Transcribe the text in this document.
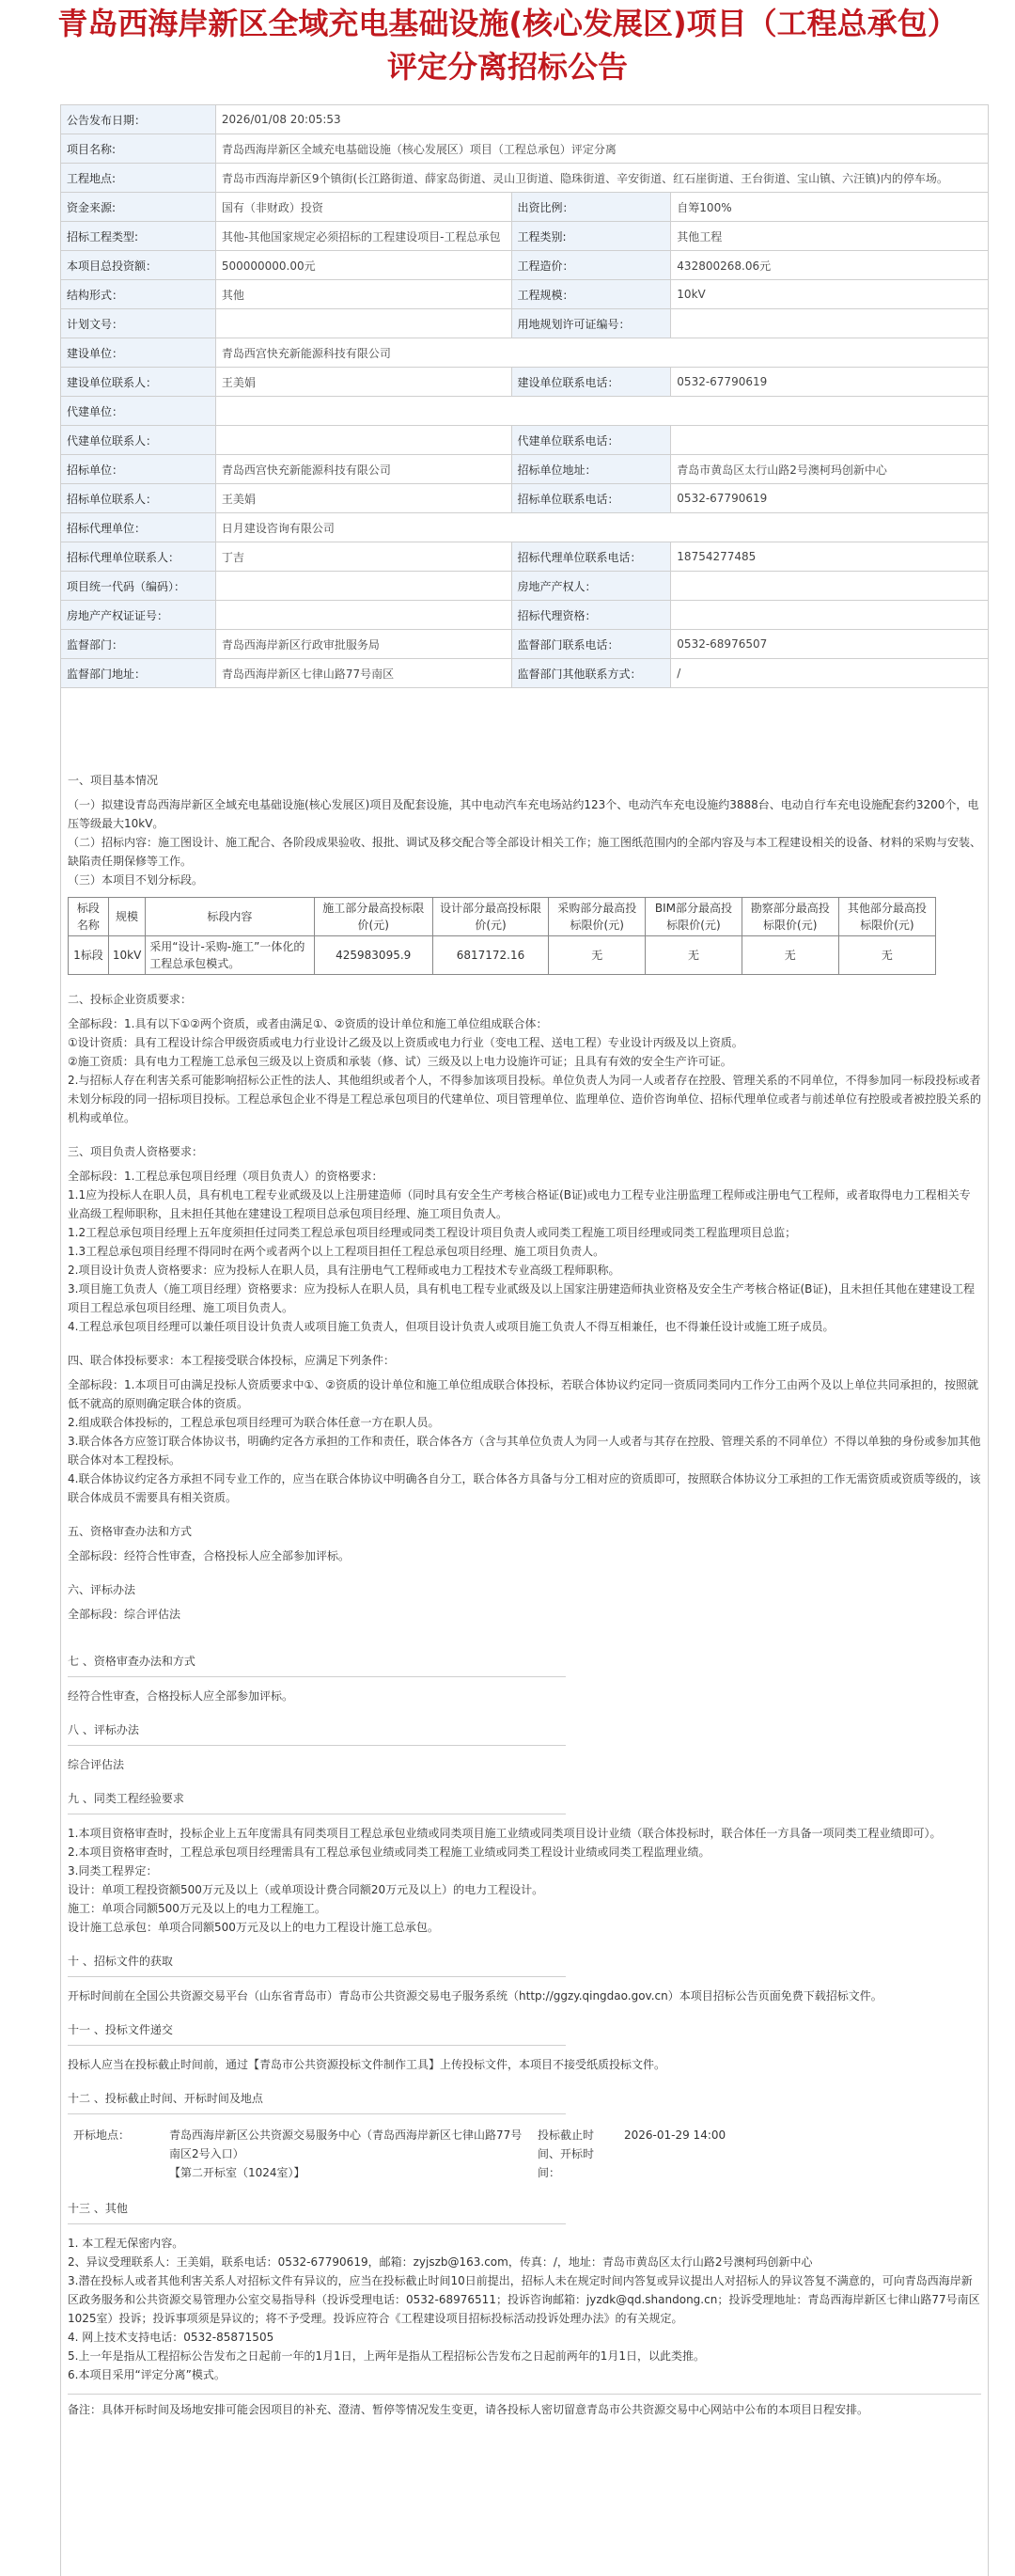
青岛西海岸新区全域充电基础设施(核心发展区)项目（工程总承包）
评定分离招标公告
公告发布日期：	2026/01/08 20:05:53		
项目名称:	青岛西海岸新区全域充电基础设施（核心发展区）项目（工程总承包）评定分离		
工程地点:	青岛市西海岸新区9个镇街(长江路街道、薛家岛街道、灵山卫街道、隐珠街道、辛安街道、红石崖街道、王台街道、宝山镇、六汪镇)内的停车场。		
资金来源:	国有（非财政）投资	出资比例：	自筹100%
招标工程类型:	其他-其他国家规定必须招标的工程建设项目-工程总承包	工程类别:	其他工程
本项目总投资额：	500000000.00元	工程造价：	432800268.06元
结构形式：	其他	工程规模：	10kV
计划文号：		用地规划许可证编号：	
建设单位：	青岛西宫快充新能源科技有限公司		
建设单位联系人：	王美娟	建设单位联系电话：	0532-67790619
代建单位：			
代建单位联系人：		代建单位联系电话：	
招标单位：	青岛西宫快充新能源科技有限公司	招标单位地址：	青岛市黄岛区太行山路2号澳柯玛创新中心
招标单位联系人：	王美娟	招标单位联系电话：	0532-67790619
招标代理单位：	日月建设咨询有限公司		
招标代理单位联系人：	丁吉	招标代理单位联系电话：	18754277485
项目统一代码（编码）：		房地产产权人：	
房地产产权证证号：		招标代理资格：	
监督部门：	青岛西海岸新区行政审批服务局	监督部门联系电话：	0532-68976507
监督部门地址：	青岛西海岸新区七律山路77号南区	监督部门其他联系方式：	/
一、项目基本情况

（一）拟建设青岛西海岸新区全域充电基础设施(核心发展区)项目及配套设施，其中电动汽车充电场站约123个、电动汽车充电设施约3888台、电动自行车充电设施配套约3200个，电压等级最大10kV。

（二）招标内容：施工图设计、施工配合、各阶段成果验收、报批、调试及移交配合等全部设计相关工作；施工图纸范围内的全部内容及与本工程建设相关的设备、材料的采购与安装、缺陷责任期保修等工作。

（三）本项目不划分标段。

标段名称	规模	标段内容	施工部分最高投标限价(元)	设计部分最高投标限价(元)	采购部分最高投标限价(元)	BIM部分最高投标限价(元)	勘察部分最高投标限价(元)	其他部分最高投标限价(元)
1标段	10kV	采用“设计-采购-施工”一体化的工程总承包模式。	425983095.9	6817172.16	无	无	无	无
二、投标企业资质要求：

全部标段：1.具有以下①②两个资质，或者由满足①、②资质的设计单位和施工单位组成联合体：

①设计资质：具有工程设计综合甲级资质或电力行业设计乙级及以上资质或电力行业（变电工程、送电工程）专业设计丙级及以上资质。

②施工资质：具有电力工程施工总承包三级及以上资质和承装（修、试）三级及以上电力设施许可证；且具有有效的安全生产许可证。

2.与招标人存在利害关系可能影响招标公正性的法人、其他组织或者个人，不得参加该项目投标。单位负责人为同一人或者存在控股、管理关系的不同单位，不得参加同一标段投标或者未划分标段的同一招标项目投标。工程总承包企业不得是工程总承包项目的代建单位、项目管理单位、监理单位、造价咨询单位、招标代理单位或者与前述单位有控股或者被控股关系的机构或单位。

三、项目负责人资格要求：

全部标段：1.工程总承包项目经理（项目负责人）的资格要求：

1.1应为投标人在职人员，具有机电工程专业贰级及以上注册建造师（同时具有安全生产考核合格证(B证)或电力工程专业注册监理工程师或注册电气工程师，或者取得电力工程相关专业高级工程师职称，且未担任其他在建建设工程项目总承包项目经理、施工项目负责人。

1.2工程总承包项目经理上五年度须担任过同类工程总承包项目经理或同类工程设计项目负责人或同类工程施工项目经理或同类工程监理项目总监；

1.3工程总承包项目经理不得同时在两个或者两个以上工程项目担任工程总承包项目经理、施工项目负责人。

2.项目设计负责人资格要求：应为投标人在职人员，具有注册电气工程师或电力工程技术专业高级工程师职称。

3.项目施工负责人（施工项目经理）资格要求：应为投标人在职人员，具有机电工程专业贰级及以上国家注册建造师执业资格及安全生产考核合格证(B证)，且未担任其他在建建设工程项目工程总承包项目经理、施工项目负责人。

4.工程总承包项目经理可以兼任项目设计负责人或项目施工负责人，但项目设计负责人或项目施工负责人不得互相兼任，也不得兼任设计或施工班子成员。

四、联合体投标要求：本工程接受联合体投标，应满足下列条件：

全部标段：1.本项目可由满足投标人资质要求中①、②资质的设计单位和施工单位组成联合体投标，若联合体协议约定同一资质同类同内工作分工由两个及以上单位共同承担的，按照就低不就高的原则确定联合体的资质。

2.组成联合体投标的，工程总承包项目经理可为联合体任意一方在职人员。

3.联合体各方应签订联合体协议书，明确约定各方承担的工作和责任，联合体各方（含与其单位负责人为同一人或者与其存在控股、管理关系的不同单位）不得以单独的身份或参加其他联合体对本工程投标。

4.联合体协议约定各方承担不同专业工作的，应当在联合体协议中明确各自分工，联合体各方具备与分工相对应的资质即可，按照联合体协议分工承担的工作无需资质或资质等级的，该联合体成员不需要具有相关资质。

五、资格审查办法和方式

全部标段：经符合性审查，合格投标人应全部参加评标。

六、评标办法

全部标段：综合评估法

七 、资格审查办法和方式

经符合性审查，合格投标人应全部参加评标。

八 、评标办法

综合评估法

九 、同类工程经验要求

1.本项目资格审查时，投标企业上五年度需具有同类项目工程总承包业绩或同类项目施工业绩或同类项目设计业绩（联合体投标时，联合体任一方具备一项同类工程业绩即可）。

2.本项目资格审查时，工程总承包项目经理需具有工程总承包业绩或同类工程施工业绩或同类工程设计业绩或同类工程监理业绩。

3.同类工程界定：

设计：单项工程投资额500万元及以上（或单项设计费合同额20万元及以上）的电力工程设计。

施工：单项合同额500万元及以上的电力工程施工。

设计施工总承包：单项合同额500万元及以上的电力工程设计施工总承包。

十 、招标文件的获取

开标时间前在全国公共资源交易平台（山东省青岛市）青岛市公共资源交易电子服务系统（http://ggzy.qingdao.gov.cn）本项目招标公告页面免费下载招标文件。

十一 、投标文件递交

投标人应当在投标截止时间前，通过【青岛市公共资源投标文件制作工具】上传投标文件，本项目不接受纸质投标文件。

十二 、投标截止时间、开标时间及地点
开标地点：	青岛西海岸新区公共资源交易服务中心（青岛西海岸新区七律山路77号南区2号入口）
【第二开标室（1024室）】
	投标截止时间、开标时间：	2026-01-29 14:00
十三 、其他

1. 本工程无保密内容。

2、异议受理联系人：王美娟，联系电话：0532-67790619，邮箱：zyjszb@163.com，传真：/，地址：青岛市黄岛区太行山路2号澳柯玛创新中心

3.潜在投标人或者其他利害关系人对招标文件有异议的，应当在投标截止时间10日前提出，招标人未在规定时间内答复或异议提出人对招标人的异议答复不满意的，可向青岛西海岸新区政务服务和公共资源交易管理办公室交易指导科（投诉受理电话：0532-68976511；投诉咨询邮箱：jyzdk@qd.shandong.cn；投诉受理地址：青岛西海岸新区七律山路77号南区1025室）投诉；投诉事项须是异议的；将不予受理。投诉应符合《工程建设项目招标投标活动投诉处理办法》的有关规定。

4. 网上技术支持电话：0532-85871505

5.上一年是指从工程招标公告发布之日起前一年的1月1日，上两年是指从工程招标公告发布之日起前两年的1月1日，以此类推。

6.本项目采用“评定分离”模式。

备注：具体开标时间及场地安排可能会因项目的补充、澄清、暂停等情况发生变更，请各投标人密切留意青岛市公共资源交易中心网站中公布的本项目日程安排。
